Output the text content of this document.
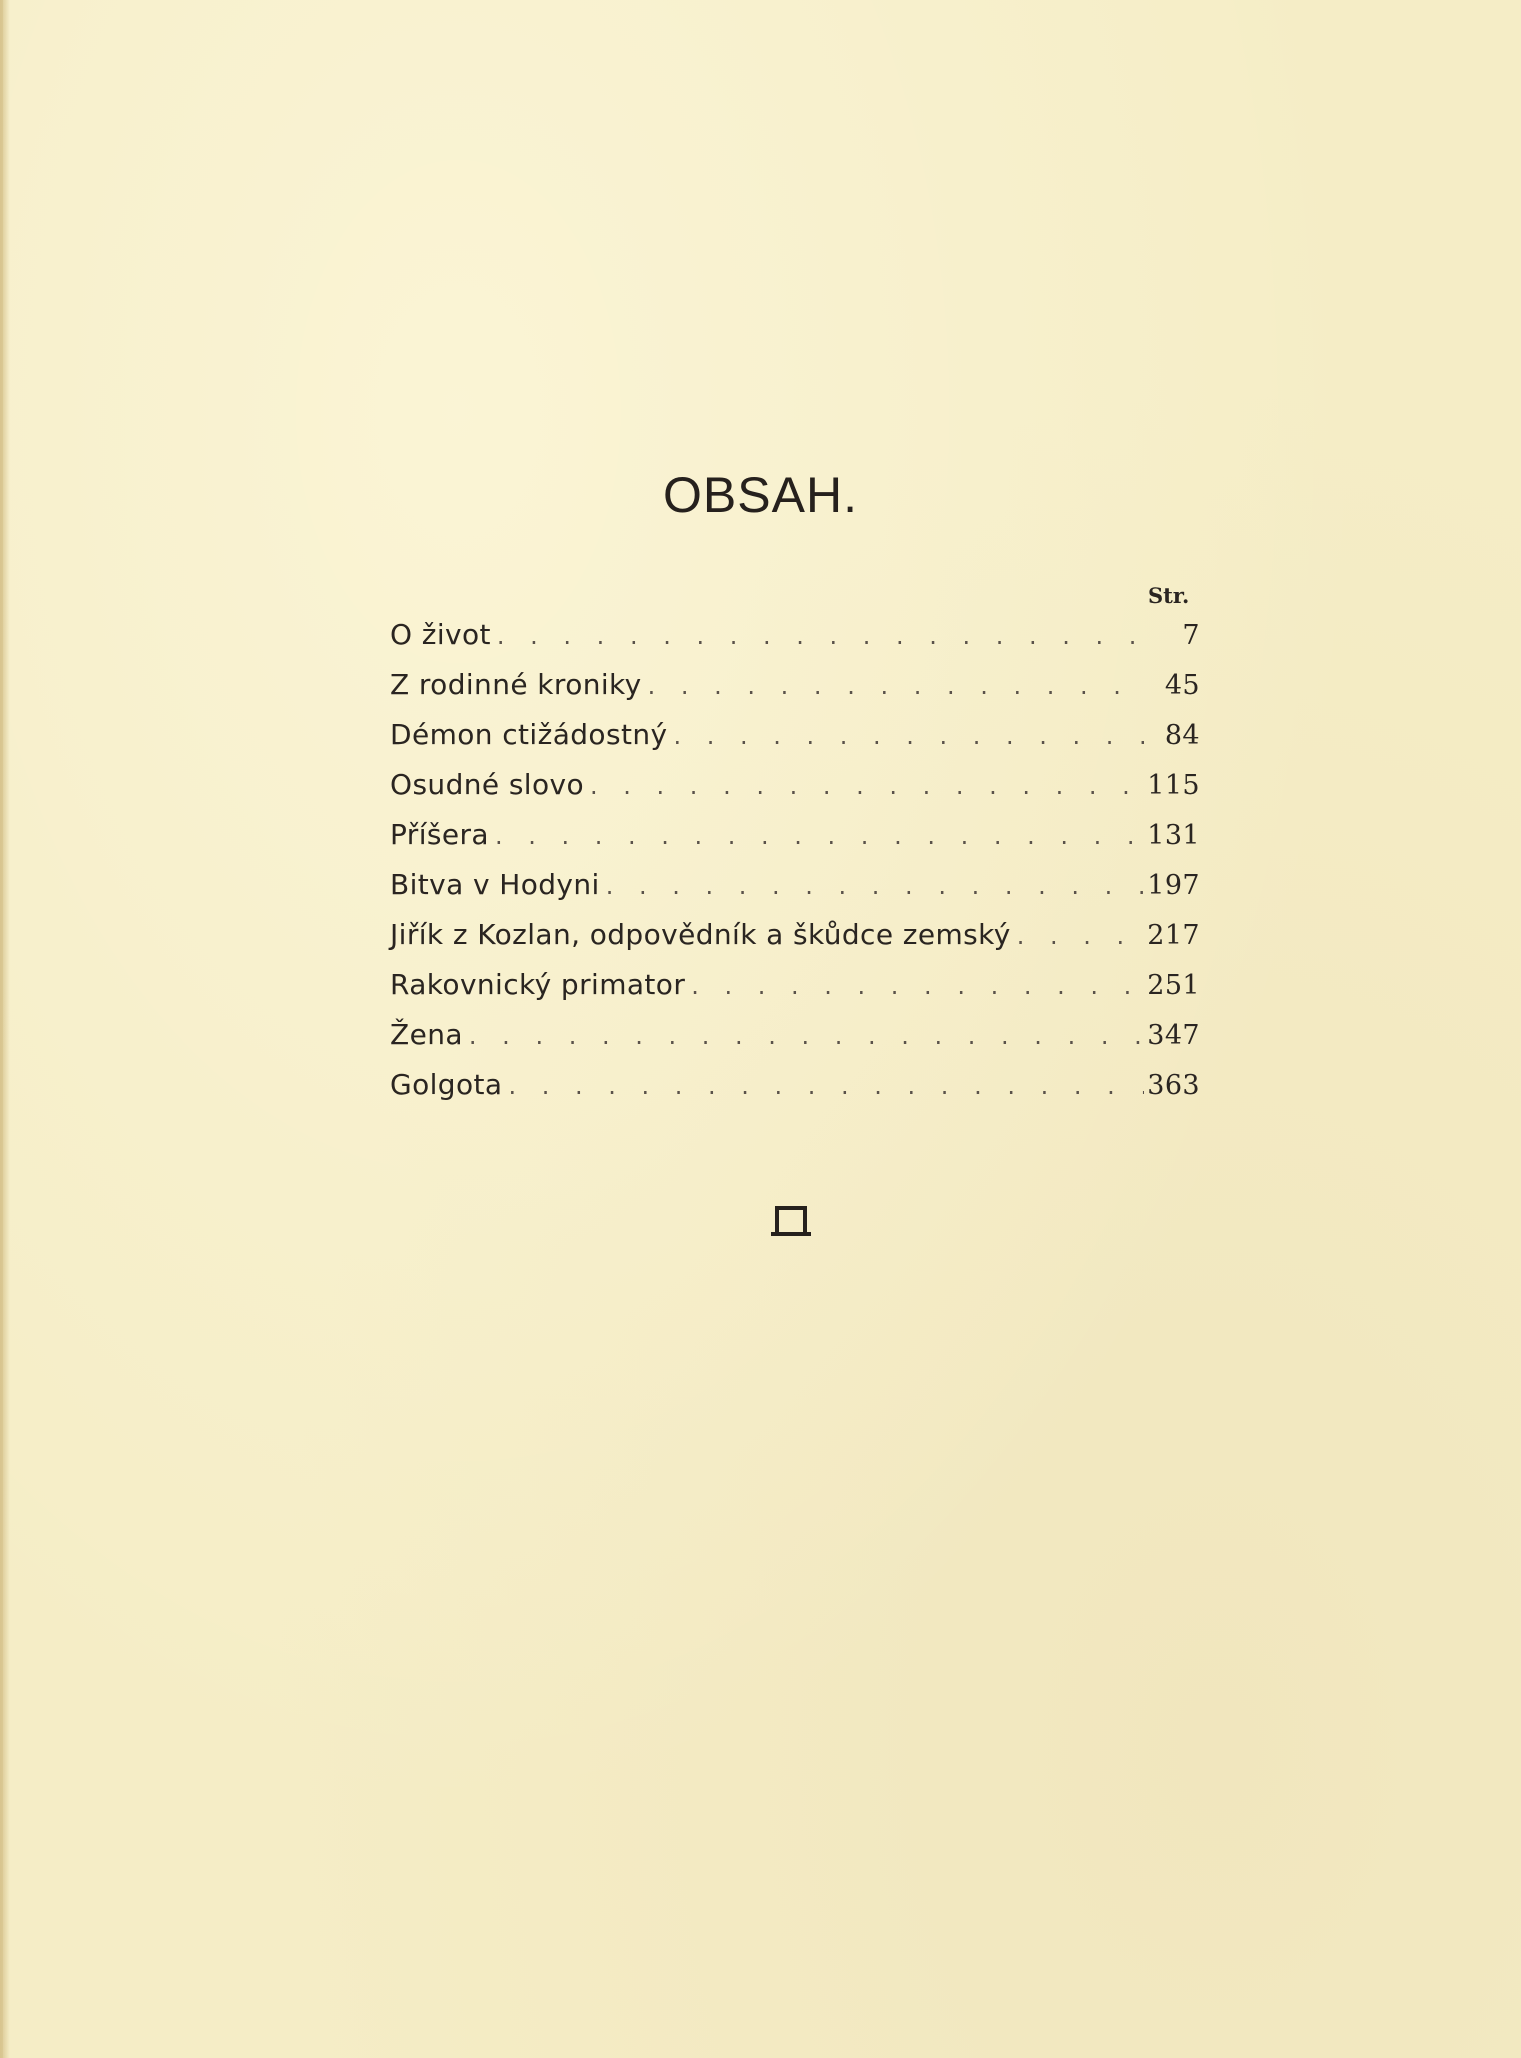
OBSAH.
Str.
O život . . .	7
Z rodinné kroniky . . .	45
Démon ctižádostný . . .	84
Osudné slovo . . .	115
Příšera . . .	131
Bitva v Hodyni . . .	197
Jiřík z Kozlan, odpovědník a škůdce zemský . . .	217
Rakovnický primator . . .	251
Žena . . .	347
Golgota . . .	363
